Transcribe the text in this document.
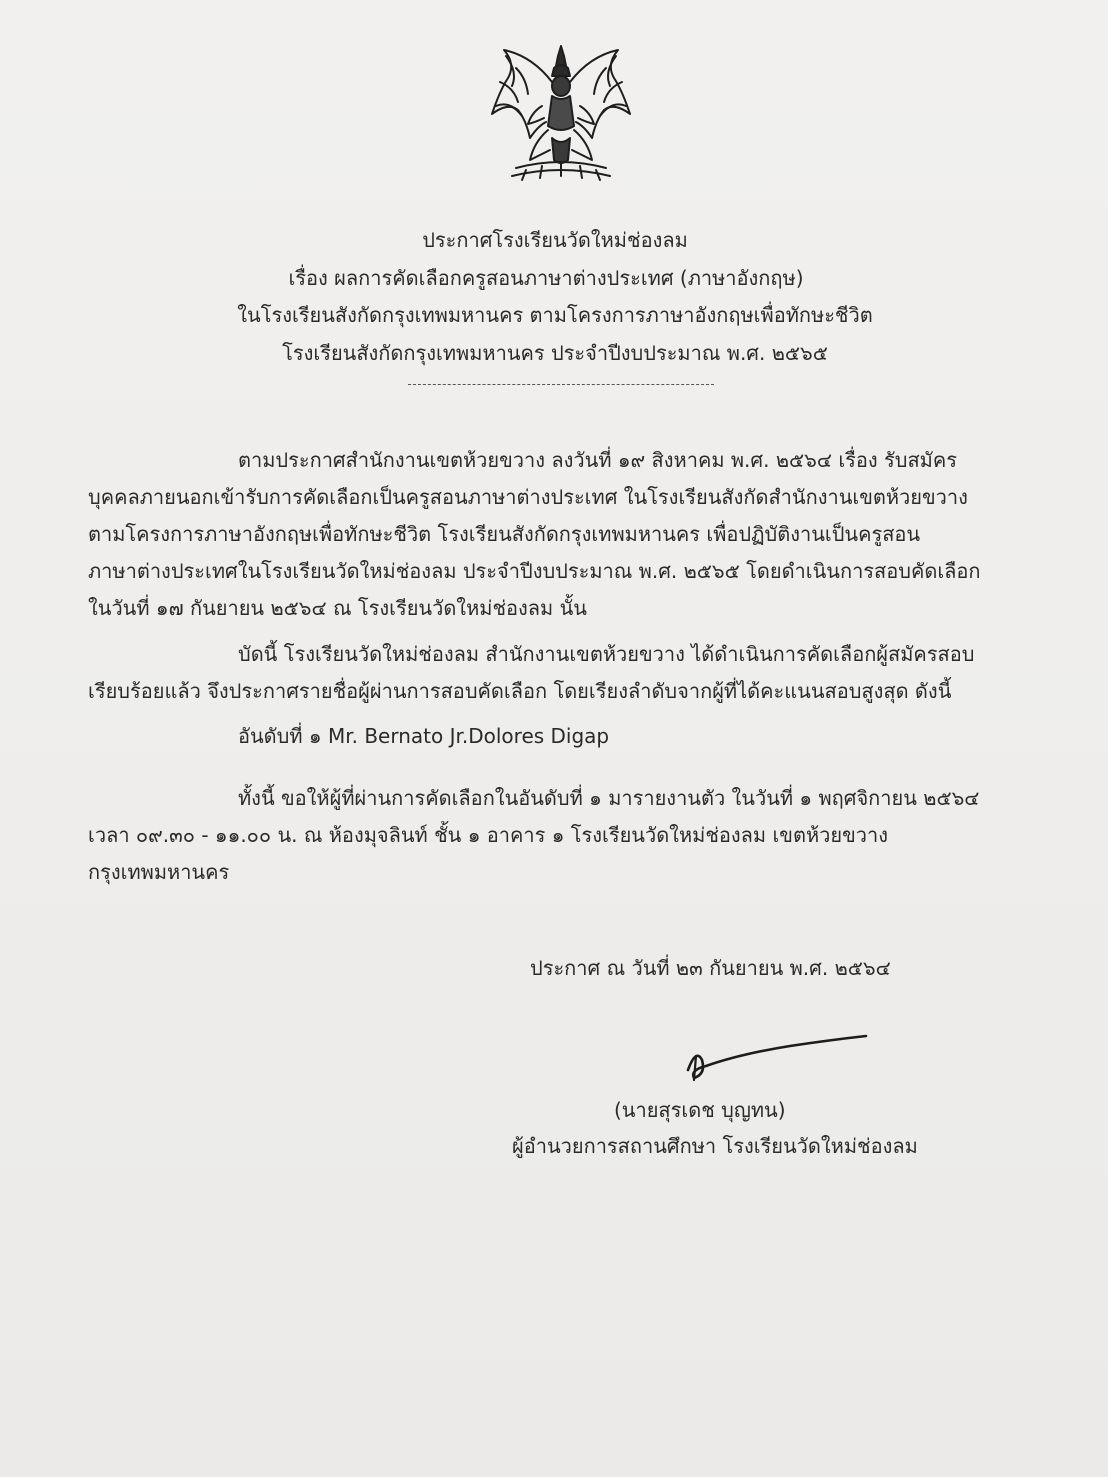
ประกาศโรงเรียนวัดใหม่ช่องลม
เรื่อง ผลการคัดเลือกครูสอนภาษาต่างประเทศ (ภาษาอังกฤษ)
ในโรงเรียนสังกัดกรุงเทพมหานคร ตามโครงการภาษาอังกฤษเพื่อทักษะชีวิต
โรงเรียนสังกัดกรุงเทพมหานคร ประจำปีงบประมาณ พ.ศ. ๒๕๖๕
ตามประกาศสำนักงานเขตห้วยขวาง ลงวันที่ ๑๙ สิงหาคม พ.ศ. ๒๕๖๔ เรื่อง รับสมัคร
บุคคลภายนอกเข้ารับการคัดเลือกเป็นครูสอนภาษาต่างประเทศ ในโรงเรียนสังกัดสำนักงานเขตห้วยขวาง
ตามโครงการภาษาอังกฤษเพื่อทักษะชีวิต โรงเรียนสังกัดกรุงเทพมหานคร เพื่อปฏิบัติงานเป็นครูสอน
ภาษาต่างประเทศในโรงเรียนวัดใหม่ช่องลม ประจำปีงบประมาณ พ.ศ. ๒๕๖๕ โดยดำเนินการสอบคัดเลือก
ในวันที่ ๑๗ กันยายน ๒๕๖๔ ณ โรงเรียนวัดใหม่ช่องลม นั้น
บัดนี้ โรงเรียนวัดใหม่ช่องลม สำนักงานเขตห้วยขวาง ได้ดำเนินการคัดเลือกผู้สมัครสอบ
เรียบร้อยแล้ว จึงประกาศรายชื่อผู้ผ่านการสอบคัดเลือก โดยเรียงลำดับจากผู้ที่ได้คะแนนสอบสูงสุด ดังนี้
อันดับที่ ๑ Mr. Bernato Jr.Dolores Digap
ทั้งนี้ ขอให้ผู้ที่ผ่านการคัดเลือกในอันดับที่ ๑ มารายงานตัว ในวันที่ ๑ พฤศจิกายน ๒๕๖๔
เวลา ๐๙.๓๐ - ๑๑.๐๐ น. ณ ห้องมุจลินท์ ชั้น ๑ อาคาร ๑ โรงเรียนวัดใหม่ช่องลม เขตห้วยขวาง
กรุงเทพมหานคร
ประกาศ ณ วันที่ ๒๓ กันยายน พ.ศ. ๒๕๖๔
(นายสุรเดช บุญทน)
ผู้อำนวยการสถานศึกษา โรงเรียนวัดใหม่ช่องลม
